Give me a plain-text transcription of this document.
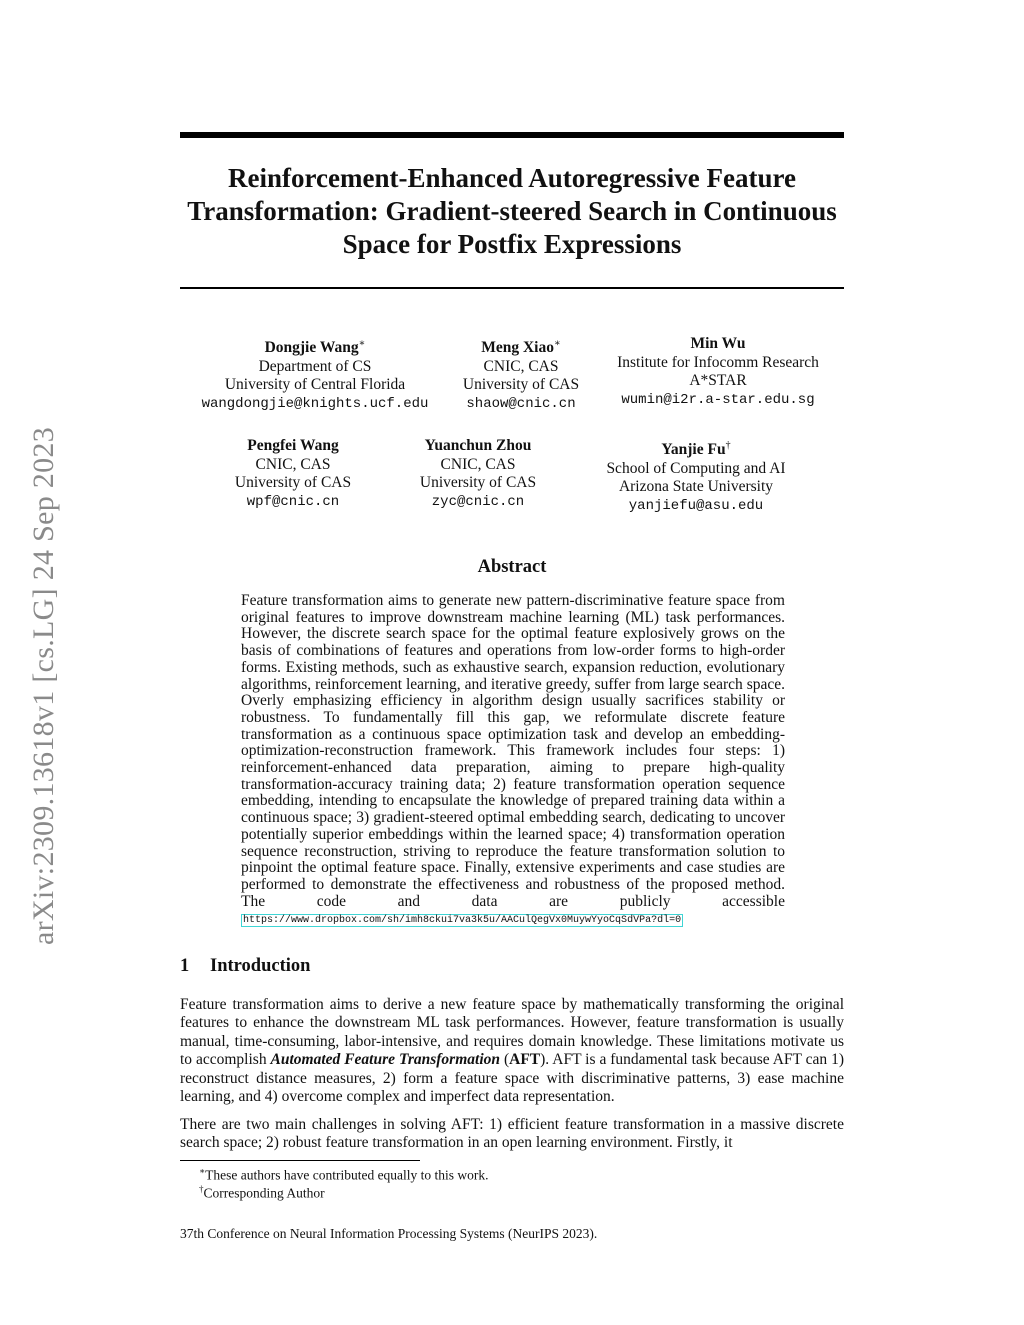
arXiv:2309.13618v1 [cs.LG] 24 Sep 2023
Reinforcement-Enhanced Autoregressive Feature Transformation: Gradient-steered Search in Continuous Space for Postfix Expressions
Dongjie Wang∗
Department of CS
University of Central Florida
wangdongjie@knights.ucf.edu
Meng Xiao∗
CNIC, CAS
University of CAS
shaow@cnic.cn
Min Wu
Institute for Infocomm Research
A*STAR
wumin@i2r.a-star.edu.sg
Pengfei Wang
CNIC, CAS
University of CAS
wpf@cnic.cn
Yuanchun Zhou
CNIC, CAS
University of CAS
zyc@cnic.cn
Yanjie Fu†
School of Computing and AI
Arizona State University
yanjiefu@asu.edu
Abstract
Feature transformation aims to generate new pattern-discriminative feature space from original features to improve downstream machine learning (ML) task performances. However, the discrete search space for the optimal feature explosively grows on the basis of combinations of features and operations from low-order forms to high-order forms. Existing methods, such as exhaustive search, expansion reduction, evolutionary algorithms, reinforcement learning, and iterative greedy, suffer from large search space. Overly emphasizing efficiency in algorithm design usually sacrifices stability or robustness. To fundamentally fill this gap, we reformulate discrete feature transformation as a continuous space optimization task and develop an embedding-optimization-reconstruction framework. This framework includes four steps: 1) reinforcement-enhanced data preparation, aiming to prepare high-quality transformation-accuracy training data; 2) feature transformation operation sequence embedding, intending to encapsulate the knowledge of prepared training data within a continuous space; 3) gradient-steered optimal embedding search, dedicating to uncover potentially superior embeddings within the learned space; 4) transformation operation sequence reconstruction, striving to reproduce the feature transformation solution to pinpoint the optimal feature space. Finally, extensive experiments and case studies are performed to demonstrate the effectiveness and robustness of the proposed method. The code and data are publicly accessible https://www.dropbox.com/sh/imh8ckui7va3k5u/AACulQegVx0MuywYyoCqSdVPa?dl=0
1 Introduction
Feature transformation aims to derive a new feature space by mathematically transforming the original features to enhance the downstream ML task performances. However, feature transformation is usually manual, time-consuming, labor-intensive, and requires domain knowledge. These limitations motivate us to accomplish Automated Feature Transformation (AFT). AFT is a fundamental task because AFT can 1) reconstruct distance measures, 2) form a feature space with discriminative patterns, 3) ease machine learning, and 4) overcome complex and imperfect data representation.
There are two main challenges in solving AFT: 1) efficient feature transformation in a massive discrete search space; 2) robust feature transformation in an open learning environment. Firstly, it
∗These authors have contributed equally to this work.
†Corresponding Author
37th Conference on Neural Information Processing Systems (NeurIPS 2023).
